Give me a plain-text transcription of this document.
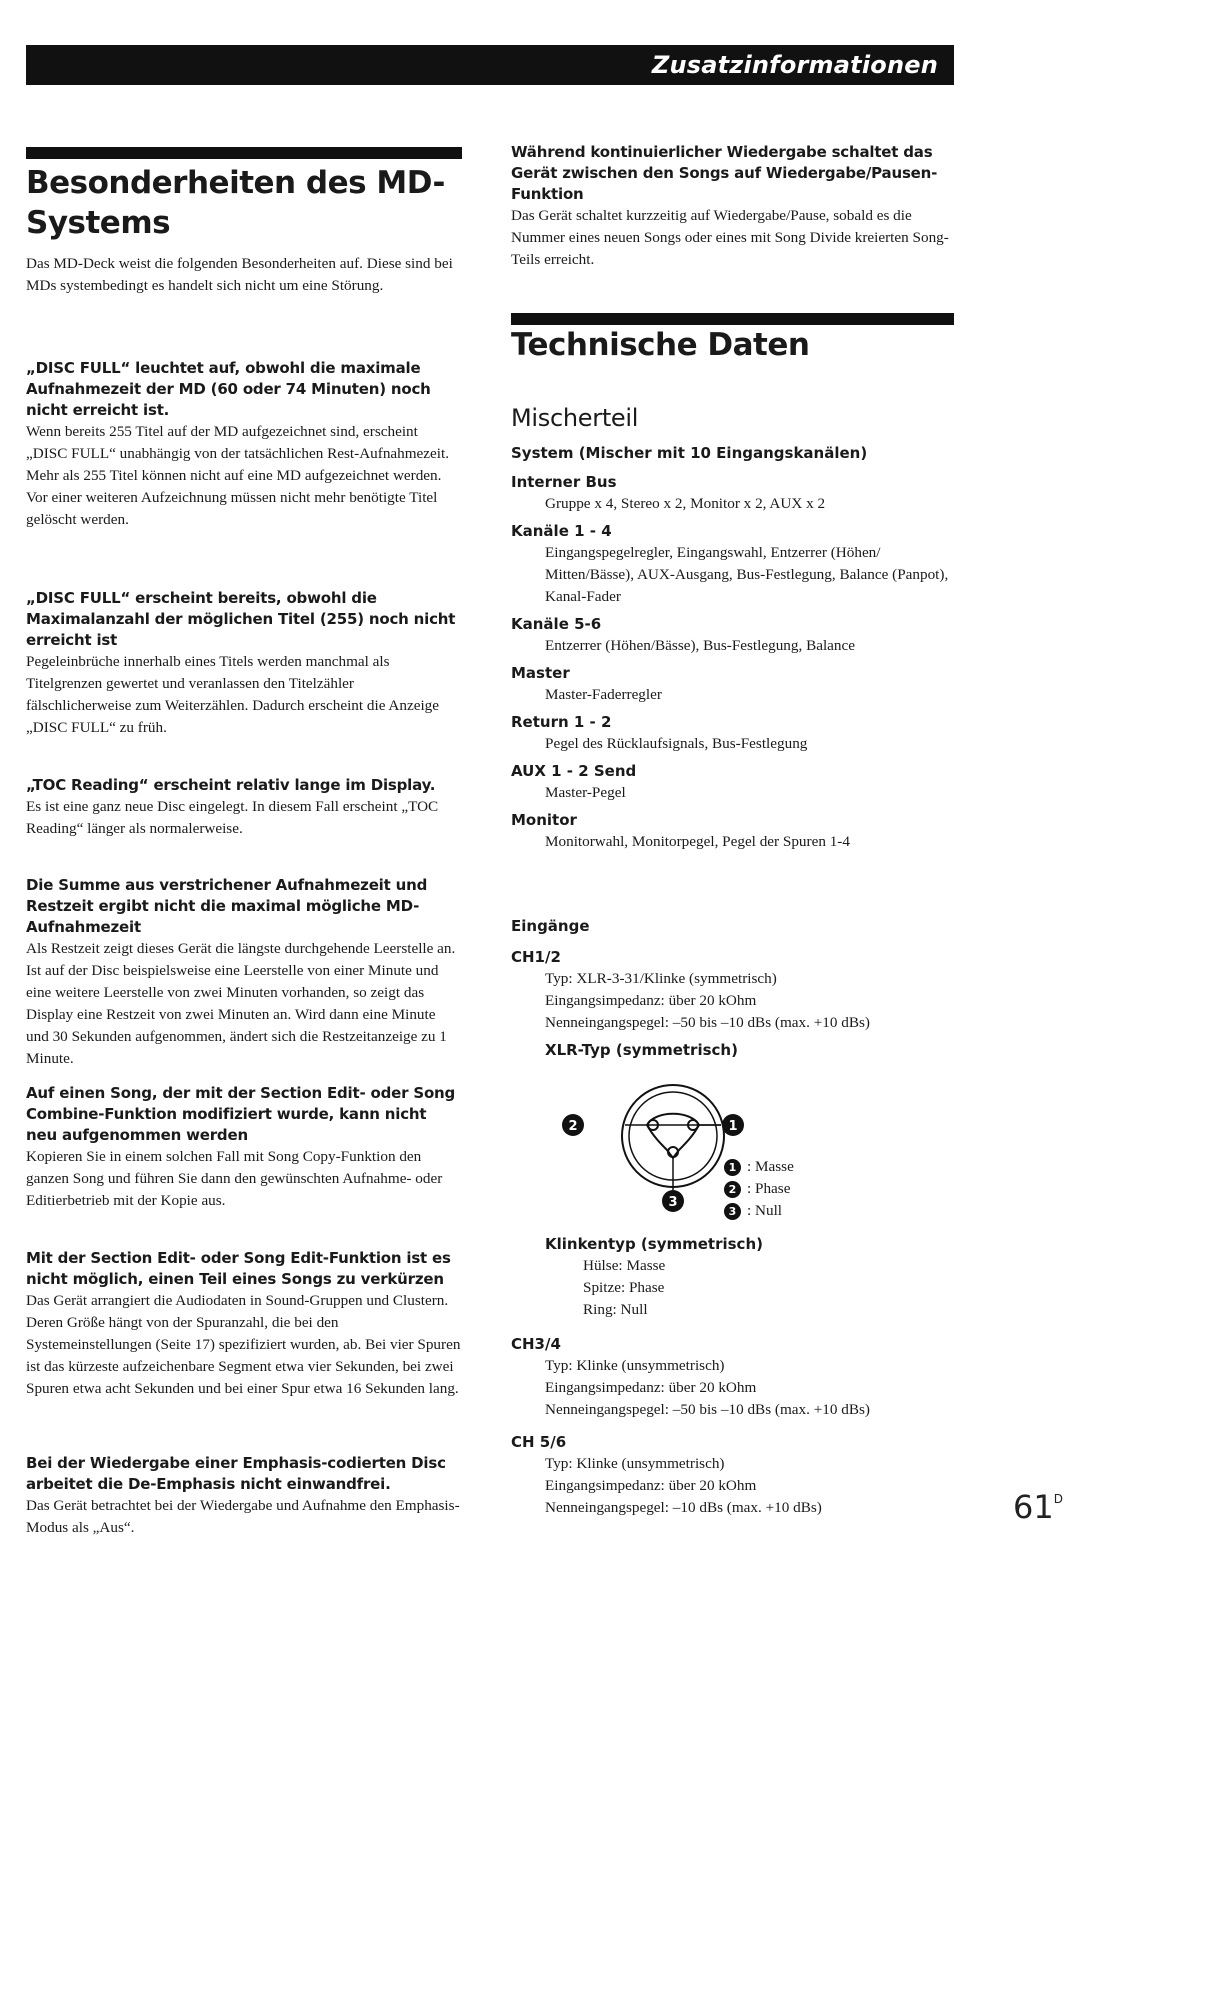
Zusatzinformationen
Besonderheiten des MD-
Systems
Das MD-Deck weist die folgenden Besonderheiten auf. Diese sind bei MDs systembedingt es handelt sich nicht um eine Störung.
„DISC FULL“ leuchtet auf, obwohl die maximale Aufnahmezeit der MD (60 oder 74 Minuten) noch nicht erreicht ist.
Wenn bereits 255 Titel auf der MD aufgezeichnet sind, erscheint „DISC FULL“ unabhängig von der tatsächlichen Rest-Aufnahmezeit. Mehr als 255 Titel können nicht auf eine MD aufgezeichnet werden. Vor einer weiteren Aufzeichnung müssen nicht mehr benötigte Titel gelöscht werden.
„DISC FULL“ erscheint bereits, obwohl die Maximalanzahl der möglichen Titel (255) noch nicht erreicht ist
Pegeleinbrüche innerhalb eines Titels werden manchmal als Titelgrenzen gewertet und veranlassen den Titelzähler fälschlicherweise zum Weiterzählen. Dadurch erscheint die Anzeige „DISC FULL“ zu früh.
„TOC Reading“ erscheint relativ lange im Display.
Es ist eine ganz neue Disc eingelegt. In diesem Fall erscheint „TOC Reading“ länger als normalerweise.
Die Summe aus verstrichener Aufnahmezeit und Restzeit ergibt nicht die maximal mögliche MD-Aufnahmezeit
Als Restzeit zeigt dieses Gerät die längste durchgehende Leerstelle an. Ist auf der Disc beispielsweise eine Leerstelle von einer Minute und eine weitere Leerstelle von zwei Minuten vorhanden, so zeigt das Display eine Restzeit von zwei Minuten an. Wird dann eine Minute und 30 Sekunden aufgenommen, ändert sich die Restzeitanzeige zu 1 Minute.
Auf einen Song, der mit der Section Edit- oder Song Combine-Funktion modifiziert wurde, kann nicht neu aufgenommen werden
Kopieren Sie in einem solchen Fall mit Song Copy-Funktion den ganzen Song und führen Sie dann den gewünschten Aufnahme- oder Editierbetrieb mit der Kopie aus.
Mit der Section Edit- oder Song Edit-Funktion ist es nicht möglich, einen Teil eines Songs zu verkürzen
Das Gerät arrangiert die Audiodaten in Sound-Gruppen und Clustern. Deren Größe hängt von der Spuranzahl, die bei den Systemeinstellungen (Seite 17) spezifiziert wurden, ab. Bei vier Spuren ist das kürzeste aufzeichenbare Segment etwa vier Sekunden, bei zwei Spuren etwa acht Sekunden und bei einer Spur etwa 16 Sekunden lang.
Bei der Wiedergabe einer Emphasis-codierten Disc arbeitet die De-Emphasis nicht einwandfrei.
Das Gerät betrachtet bei der Wiedergabe und Aufnahme den Emphasis-Modus als „Aus“.
Während kontinuierlicher Wiedergabe schaltet das Gerät zwischen den Songs auf Wiedergabe/Pausen-Funktion
Das Gerät schaltet kurzzeitig auf Wiedergabe/Pause, sobald es die Nummer eines neuen Songs oder eines mit Song Divide kreierten Song-Teils erreicht.
Technische Daten
Mischerteil
System (Mischer mit 10 Eingangskanälen)
Interner Bus
Gruppe x 4, Stereo x 2, Monitor x 2, AUX x 2
Kanäle 1 - 4
Eingangspegelregler, Eingangswahl, Entzerrer (Höhen/ Mitten/Bässe), AUX-Ausgang, Bus-Festlegung, Balance (Panpot), Kanal-Fader
Kanäle 5-6
Entzerrer (Höhen/Bässe), Bus-Festlegung, Balance
Master
Master-Faderregler
Return 1 - 2
Pegel des Rücklaufsignals, Bus-Festlegung
AUX 1 - 2 Send
Master-Pegel
Monitor
Monitorwahl, Monitorpegel, Pegel der Spuren 1-4
Eingänge
CH1/2
Typ: XLR-3-31/Klinke (symmetrisch)
Eingangsimpedanz: über 20 kOhm
Nenneingangspegel: –50 bis –10 dBs (max. +10 dBs)
XLR-Typ (symmetrisch)
2	1
3
1 : Masse
2 : Phase
3 : Null
Klinkentyp (symmetrisch)
Hülse: Masse
Spitze: Phase
Ring: Null
CH3/4
Typ: Klinke (unsymmetrisch)
Eingangsimpedanz: über 20 kOhm
Nenneingangspegel: –50 bis –10 dBs (max. +10 dBs)
CH 5/6
Typ: Klinke (unsymmetrisch)
Eingangsimpedanz: über 20 kOhm
Nenneingangspegel: –10 dBs (max. +10 dBs)	$61^D$
